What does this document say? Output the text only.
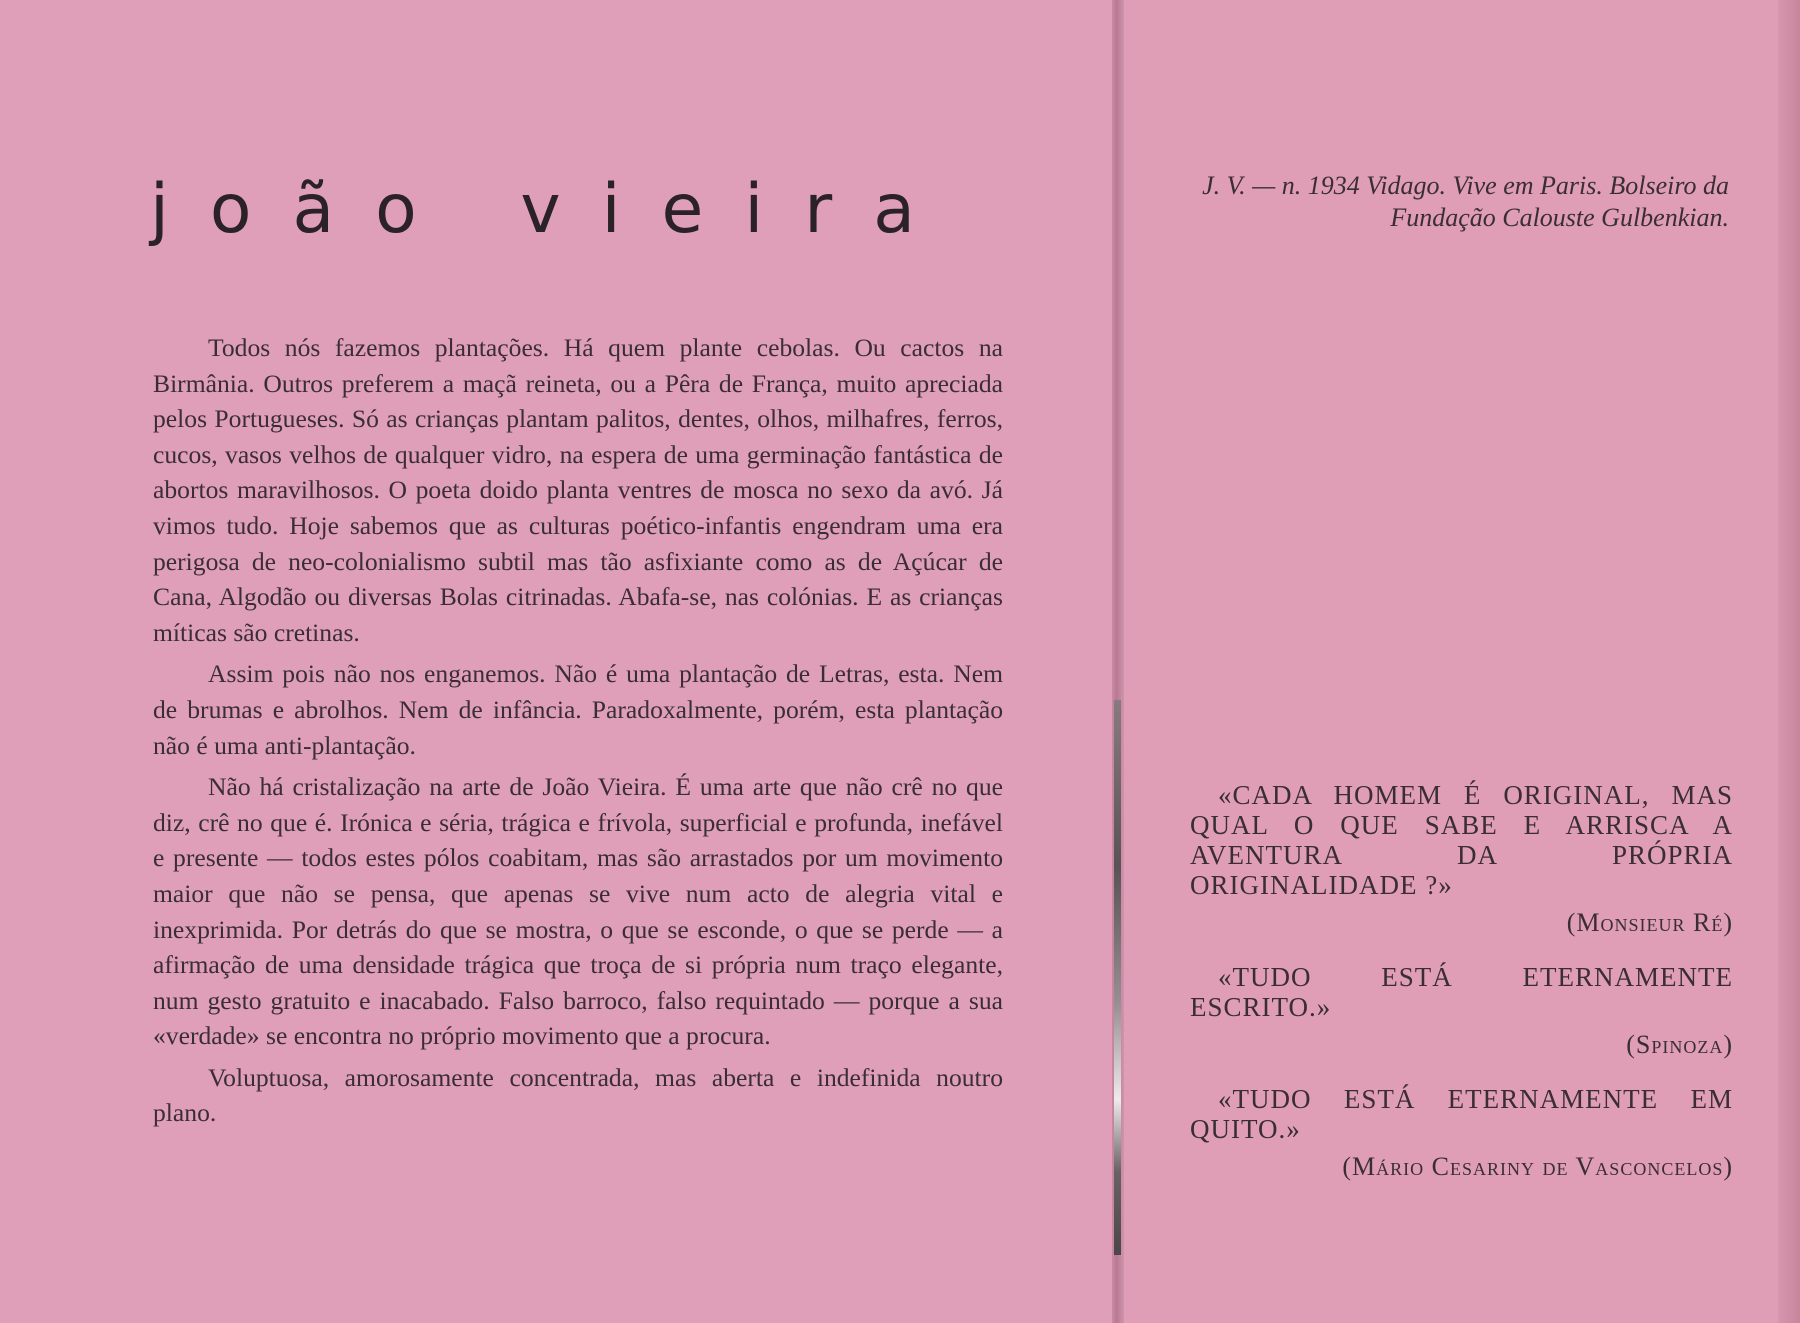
joão vieira

Todos nós fazemos plantações. Há quem plante cebolas. Ou cactos na Birmânia. Outros preferem a maçã reineta, ou a Pêra de França, muito apreciada pelos Portugueses. Só as crianças plantam palitos, dentes, olhos, milhafres, ferros, cucos, vasos velhos de qualquer vidro, na espera de uma germinação fantástica de abortos maravilhosos. O poeta doido planta ventres de mosca no sexo da avó. Já vimos tudo. Hoje sabemos que as culturas poético-infantis engendram uma era perigosa de neo-colonialismo subtil mas tão asfixiante como as de Açúcar de Cana, Algodão ou diversas Bolas citrinadas. Abafa-se, nas colónias. E as crianças míticas são cretinas.

Assim pois não nos enganemos. Não é uma plantação de Letras, esta. Nem de brumas e abrolhos. Nem de infância. Paradoxalmente, porém, esta plantação não é uma anti-plantação.

Não há cristalização na arte de João Vieira. É uma arte que não crê no que diz, crê no que é. Irónica e séria, trágica e frívola, superficial e profunda, inefável e presente — todos estes pólos coabitam, mas são arrastados por um movimento maior que não se pensa, que apenas se vive num acto de alegria vital e inexprimida. Por detrás do que se mostra, o que se esconde, o que se perde — a afirmação de uma densidade trágica que troça de si própria num traço elegante, num gesto gratuito e inacabado. Falso barroco, falso requintado — porque a sua «verdade» se encontra no próprio movimento que a procura.

Voluptuosa, amorosamente concentrada, mas aberta e indefinida noutro plano.

J. V. — n. 1934 Vidago. Vive em Paris. Bolseiro da Fundação Calouste Gulbenkian.

«CADA HOMEM É ORIGINAL, MAS QUAL O QUE SABE E ARRISCA A AVENTURA DA PRÓPRIA ORIGINALIDADE ?»

(Monsieur Ré)

«TUDO ESTÁ ETERNAMENTE ESCRITO.»

(Spinoza)

«TUDO ESTÁ ETERNAMENTE EM QUITO.»

(Mário Cesariny de Vasconcelos)
